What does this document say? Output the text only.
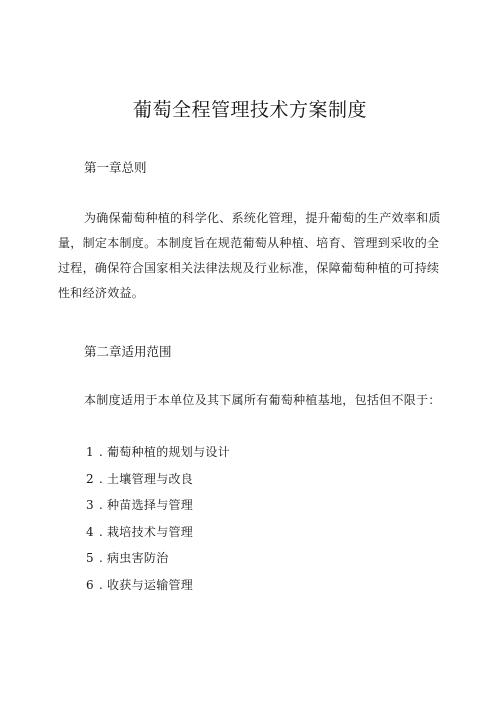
葡萄全程管理技术方案制度
第一章总则

为确保葡萄种植的科学化、系统化管理，提升葡萄的生产效率和质量，制定本制度。本制度旨在规范葡萄从种植、培育、管理到采收的全过程，确保符合国家相关法律法规及行业标准，保障葡萄种植的可持续性和经济效益。

第二章适用范围

本制度适用于本单位及其下属所有葡萄种植基地，包括但不限于：

1 . 葡萄种植的规划与设计
2 . 土壤管理与改良
3 . 种苗选择与管理
4 . 栽培技术与管理
5 . 病虫害防治
6 . 收获与运输管理
